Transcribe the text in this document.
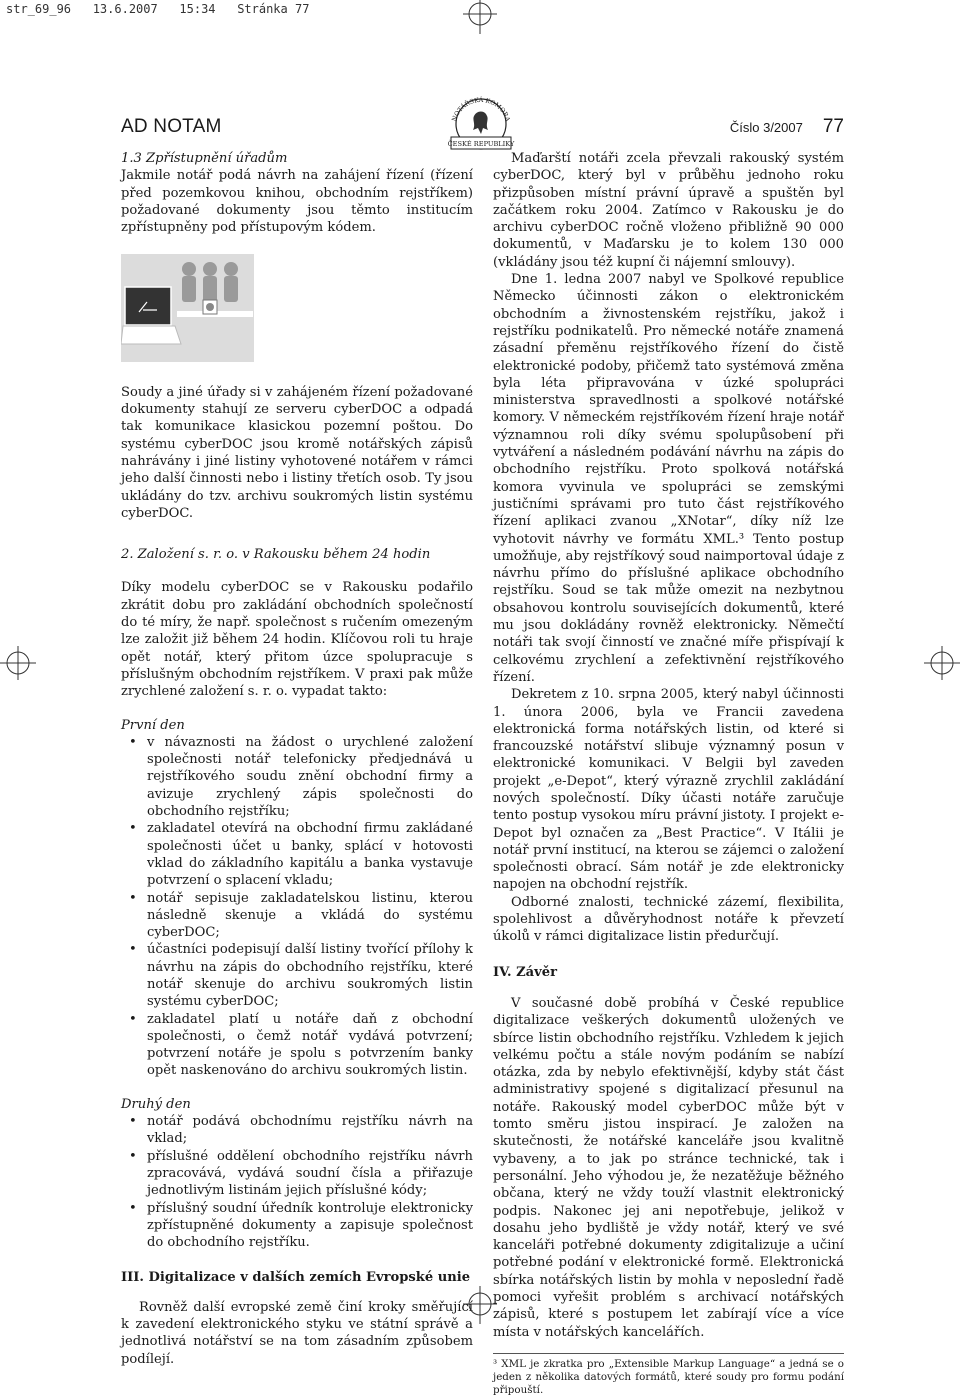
str_69_96   13.6.2007   15:34   Stránka 77
AD NOTAM	Číslo 3/2007 77
NOTÁŘSKÁ KOMORA
ČESKÉ REPUBLIKY

1.3 Zpřístupnění úřadům

Jakmile notář podá návrh na zahájení řízení (řízení před pozemkovou knihou, obchodním rejstříkem) požadované dokumenty jsou těmto institucím zpřístupněny pod přístupovým kódem.

Soudy a jiné úřady si v zahájeném řízení požadované dokumenty stahují ze serveru cyberDOC a odpadá tak komunikace klasickou pozemní poštou. Do systému cyberDOC jsou kromě notářských zápisů nahrávány i jiné listiny vyhotovené notářem v rámci jeho další činnosti nebo i listiny třetích osob. Ty jsou ukládány do tzv. archivu soukromých listin systému cyberDOC.

2. Založení s. r. o. v Rakousku během 24 hodin

Díky modelu cyberDOC se v Rakousku podařilo zkrátit dobu pro zakládání obchodních společností do té míry, že např. společnost s ručením omezeným lze založit již během 24 hodin. Klíčovou roli tu hraje opět notář, který přitom úzce spolupracuje s příslušným obchodním rejstříkem. V praxi pak může zrychlené založení s. r. o. vypadat takto:

První den

• v návaznosti na žádost o urychlené založení společnosti notář telefonicky předjednává u rejstříkového soudu znění obchodní firmy a avizuje zrychlený zápis společnosti do obchodního rejstříku;
• zakladatel otevírá na obchodní firmu zakládané společnosti účet u banky, splácí v hotovosti vklad do základního kapitálu a banka vystavuje potvrzení o splacení vkladu;
• notář sepisuje zakladatelskou listinu, kterou následně skenuje a vkládá do systému cyberDOC;
• účastníci podepisují další listiny tvořící přílohy k návrhu na zápis do obchodního rejstříku, které notář skenuje do archivu soukromých listin systému cyberDOC;
• zakladatel platí u notáře daň z obchodní společnosti, o čemž notář vydává potvrzení; potvrzení notáře je spolu s potvrzením banky opět naskenováno do archivu soukromých listin.

Druhý den

• notář podává obchodnímu rejstříku návrh na vklad;
• příslušné oddělení obchodního rejstříku návrh zpracovává, vydává soudní čísla a přiřazuje jednotlivým listinám jejich příslušné kódy;
• příslušný soudní úředník kontroluje elektronicky zpřístupněné dokumenty a zapisuje společnost do obchodního rejstříku.

III. Digitalizace v dalších zemích Evropské unie

Rovněž další evropské země činí kroky směřující k zavedení elektronického styku ve státní správě a jednotlivá notářství se na tom zásadním způsobem podílejí.

Maďarští notáři zcela převzali rakouský systém cyberDOC, který byl v průběhu jednoho roku přizpůsoben místní právní úpravě a spuštěn byl začátkem roku 2004. Zatímco v Rakousku je do archivu cyberDOC ročně vloženo přibližně 90 000 dokumentů, v Maďarsku je to kolem 130 000 (vkládány jsou též kupní či nájemní smlouvy).

Dne 1. ledna 2007 nabyl ve Spolkové republice Německo účinnosti zákon o elektronickém obchodním a živnostenském rejstříku, jakož i rejstříku podnikatelů. Pro německé notáře znamená zásadní přeměnu rejstříkového řízení do čistě elektronické podoby, přičemž tato systémová změna byla léta připravována v úzké spolupráci ministerstva spravedlnosti a spolkové notářské komory. V německém rejstříkovém řízení hraje notář významnou roli díky svému spolupůsobení při vytváření a následném podávání návrhu na zápis do obchodního rejstříku. Proto spolková notářská komora vyvinula ve spolupráci se zemskými justičními správami pro tuto část rejstříkového řízení aplikaci zvanou „XNotar“, díky níž lze vyhotovit návrhy ve formátu XML.³ Tento postup umožňuje, aby rejstříkový soud naimportoval údaje z návrhu přímo do příslušné aplikace obchodního rejstříku. Soud se tak může omezit na nezbytnou obsahovou kontrolu souvisejících dokumentů, které mu jsou dokládány rovněž elektronicky. Němečtí notáři tak svojí činností ve značné míře přispívají k celkovému zrychlení a zefektivnění rejstříkového řízení.

Dekretem z 10. srpna 2005, který nabyl účinnosti 1. února 2006, byla ve Francii zavedena elektronická forma notářských listin, od které si francouzské notářství slibuje významný posun v elektronické komunikaci. V Belgii byl zaveden projekt „e-Depot“, který výrazně zrychlil zakládání nových společností. Díky účasti notáře zaručuje tento postup vysokou míru právní jistoty. I projekt e-Depot byl označen za „Best Practice“. V Itálii je notář první institucí, na kterou se zájemci o založení společnosti obrací. Sám notář je zde elektronicky napojen na obchodní rejstřík.

Odborné znalosti, technické zázemí, flexibilita, spolehlivost a důvěryhodnost notáře k převzetí úkolů v rámci digitalizace listin předurčují.

IV. Závěr

V současné době probíhá v České republice digitalizace veškerých dokumentů uložených ve sbírce listin obchodního rejstříku. Vzhledem k jejich velkému počtu a stále novým podáním se nabízí otázka, zda by nebylo efektivnější, kdyby stát část administrativy spojené s digitalizací přesunul na notáře. Rakouský model cyberDOC může být v tomto směru jistou inspirací. Je založen na skutečnosti, že notářské kanceláře jsou kvalitně vybaveny, a to jak po stránce technické, tak i personální. Jeho výhodou je, že nezatěžuje běžného občana, který ne vždy touží vlastnit elektronický podpis. Nakonec jej ani nepotřebuje, jelikož v dosahu jeho bydliště je vždy notář, který ve své kanceláři potřebné dokumenty zdigitalizuje a učiní potřebné podání v elektronické formě. Elektronická sbírka notářských listin by mohla v neposlední řadě pomoci vyřešit problém s archivací notářských zápisů, které s postupem let zabírají více a více místa v notářských kancelářích.

³ XML je zkratka pro „Extensible Markup Language“ a jedná se o jeden z několika datových formátů, které soudy pro formu podání připouští.
